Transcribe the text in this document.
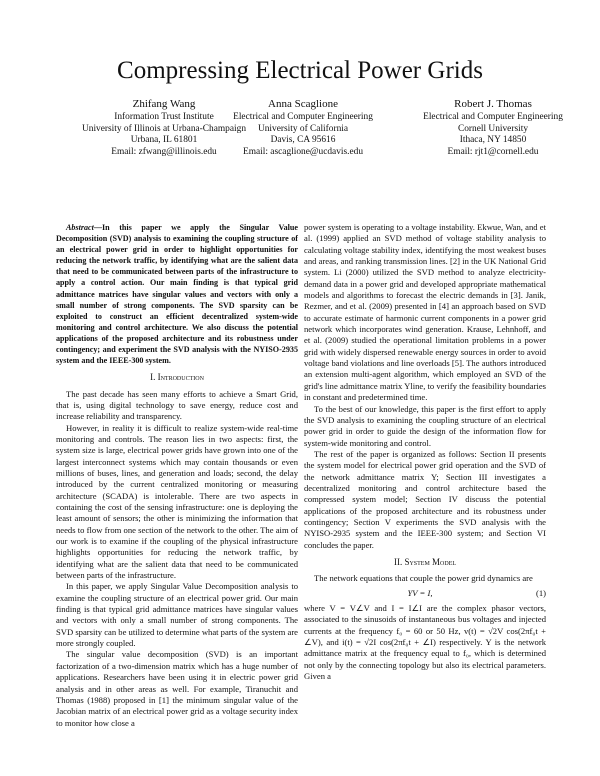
Compressing Electrical Power Grids
Zhifang Wang
Information Trust Institute
University of Illinois at Urbana-Champaign
Urbana, IL 61801
Email: zfwang@illinois.edu
Anna Scaglione
Electrical and Computer Engineering
University of California
Davis, CA 95616
Email: ascaglione@ucdavis.edu
Robert J. Thomas
Electrical and Computer Engineering
Cornell University
Ithaca, NY 14850
Email: rjt1@cornell.edu

Abstract—In this paper we apply the Singular Value Decomposition (SVD) analysis to examining the coupling structure of an electrical power grid in order to highlight opportunities for reducing the network traffic, by identifying what are the salient data that need to be communicated between parts of the infrastructure to apply a control action. Our main finding is that typical grid admittance matrices have singular values and vectors with only a small number of strong components. The SVD sparsity can be exploited to construct an efficient decentralized system-wide monitoring and control architecture. We also discuss the potential applications of the proposed architecture and its robustness under contingency; and experiment the SVD analysis with the NYISO-2935 system and the IEEE-300 system.

I. Introduction

The past decade has seen many efforts to achieve a Smart Grid, that is, using digital technology to save energy, reduce cost and increase reliability and transparency.

However, in reality it is difficult to realize system-wide real-time monitoring and controls. The reason lies in two aspects: first, the system size is large, electrical power grids have grown into one of the largest interconnect systems which may contain thousands or even millions of buses, lines, and generation and loads; second, the delay introduced by the current centralized monitoring or measuring architecture (SCADA) is intolerable. There are two aspects in containing the cost of the sensing infrastructure: one is deploying the least amount of sensors; the other is minimizing the information that needs to flow from one section of the network to the other. The aim of our work is to examine if the coupling of the physical infrastructure highlights opportunities for reducing the network traffic, by identifying what are the salient data that need to be communicated between parts of the infrastructure.

In this paper, we apply Singular Value Decomposition analysis to examine the coupling structure of an electrical power grid. Our main finding is that typical grid admittance matrices have singular values and vectors with only a small number of strong components. The SVD sparsity can be utilized to determine what parts of the system are more strongly coupled.

The singular value decomposition (SVD) is an important factorization of a two-dimension matrix which has a huge number of applications. Researchers have been using it in electric power grid analysis and in other areas as well. For example, Tiranuchit and Thomas (1988) proposed in [1] the minimum singular value of the Jacobian matrix of an electrical power grid as a voltage security index to monitor how close a

power system is operating to a voltage instability. Ekwue, Wan, and et al. (1999) applied an SVD method of voltage stability analysis to calculating voltage stability index, identifying the most weakest buses and areas, and ranking transmission lines. [2] in the UK National Grid system. Li (2000) utilized the SVD method to analyze electricity-demand data in a power grid and developed appropriate mathematical models and algorithms to forecast the electric demands in [3]. Janik, Rezmer, and et al. (2009) presented in [4] an approach based on SVD to accurate estimate of harmonic current components in a power grid network which incorporates wind generation. Krause, Lehnhoff, and et al. (2009) studied the operational limitation problems in a power grid with widely dispersed renewable energy sources in order to avoid voltage band violations and line overloads [5]. The authors introduced an extension multi-agent algorithm, which employed an SVD of the grid's line admittance matrix Yline, to verify the feasibility boundaries in constant and predetermined time.

To the best of our knowledge, this paper is the first effort to apply the SVD analysis to examining the coupling structure of an electrical power grid in order to guide the design of the information flow for system-wide monitoring and control.

The rest of the paper is organized as follows: Section II presents the system model for electrical power grid operation and the SVD of the network admittance matrix Y; Section III investigates a decentralized monitoring and control architecture based the compressed system model; Section IV discuss the potential applications of the proposed architecture and its robustness under contingency; Section V experiments the SVD analysis with the NYISO-2935 system and the IEEE-300 system; and Section VI concludes the paper.

II. System Model

The network equations that couple the power grid dynamics are

YV = I,	(1)

where V = V∠V and I = I∠I are the complex phasor vectors, associated to the sinusoids of instantaneous bus voltages and injected currents at the frequency f₀ = 60 or 50 Hz, v(t) = √2V cos(2πf₀t + ∠V), and i(t) = √2I cos(2πf₀t + ∠I) respectively. Y is the network admittance matrix at the frequency equal to f₀, which is determined not only by the connecting topology but also its electrical parameters. Given a
